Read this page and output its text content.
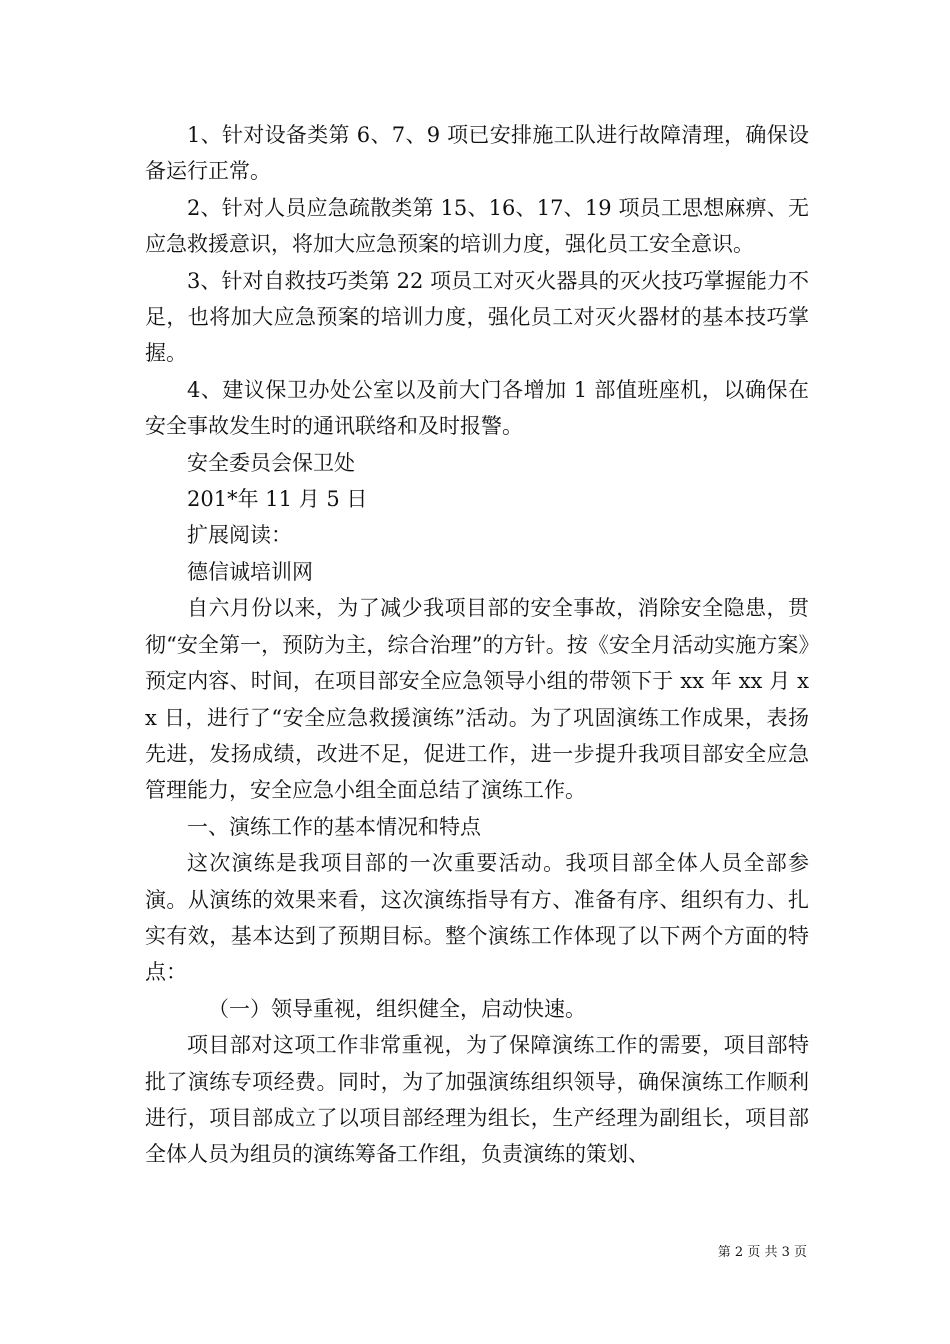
1、针对设备类第 6、7、9 项已安排施工队进行故障清理，确保设备运行正常。

2、针对人员应急疏散类第 15、16、17、19 项员工思想麻痹、无应急救援意识，将加大应急预案的培训力度，强化员工安全意识。

3、针对自救技巧类第 22 项员工对灭火器具的灭火技巧掌握能力不足，也将加大应急预案的培训力度，强化员工对灭火器材的基本技巧掌握。

4、建议保卫办处公室以及前大门各增加 1 部值班座机，以确保在安全事故发生时的通讯联络和及时报警。

安全委员会保卫处

201*年 11 月 5 日

扩展阅读：

德信诚培训网

自六月份以来，为了减少我项目部的安全事故，消除安全隐患，贯彻“安全第一，预防为主，综合治理”的方针。按《安全月活动实施方案》预定内容、时间，在项目部安全应急领导小组的带领下于 xx 年 xx 月 xx 日，进行了“安全应急救援演练”活动。为了巩固演练工作成果，表扬先进，发扬成绩，改进不足，促进工作，进一步提升我项目部安全应急管理能力，安全应急小组全面总结了演练工作。

一、演练工作的基本情况和特点

这次演练是我项目部的一次重要活动。我项目部全体人员全部参演。从演练的效果来看，这次演练指导有方、准备有序、组织有力、扎实有效，基本达到了预期目标。整个演练工作体现了以下两个方面的特点：

（一）领导重视，组织健全，启动快速。

项目部对这项工作非常重视，为了保障演练工作的需要，项目部特批了演练专项经费。同时，为了加强演练组织领导，确保演练工作顺利进行，项目部成立了以项目部经理为组长，生产经理为副组长，项目部全体人员为组员的演练筹备工作组，负责演练的策划、

第 2 页 共 3 页
